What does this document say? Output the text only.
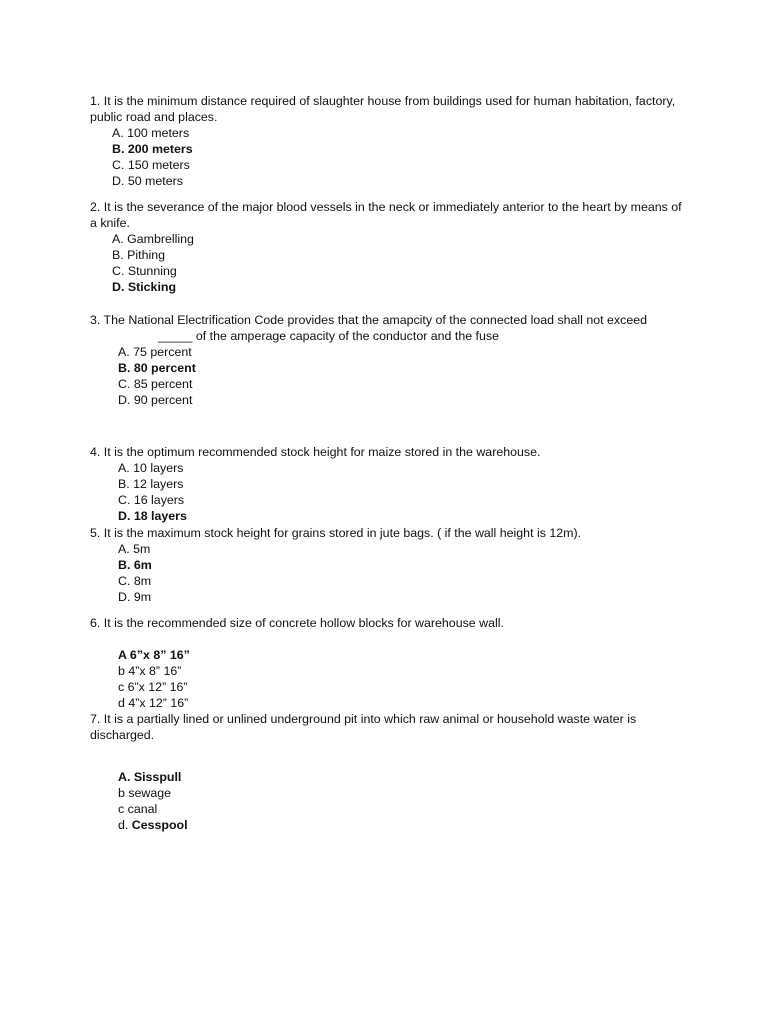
1. It is the minimum distance required of slaughter house from buildings used for human habitation, factory, public road and places.

A. 100 meters
B. 200 meters
C. 150 meters
D. 50 meters

2. It is the severance of the major blood vessels in the neck or immediately anterior to the heart by means of a knife.

A. Gambrelling
B. Pithing
C. Stunning
D. Sticking

3. The National Electrification Code provides that the amapcity of the connected load shall not exceed

_____ of the amperage capacity of the conductor and the fuse

A. 75 percent
B. 80 percent
C. 85 percent
D. 90 percent

4. It is the optimum recommended stock height for maize stored in the warehouse.

A. 10 layers
B. 12 layers
C. 16 layers
D. 18 layers

5. It is the maximum stock height for grains stored in jute bags. ( if the wall height is 12m).

A. 5m
B. 6m
C. 8m
D. 9m

6. It is the recommended size of concrete hollow blocks for warehouse wall.

A 6”x 8” 16”
b 4”x 8” 16”
c 6”x 12” 16”
d 4”x 12” 16”

7. It is a partially lined or unlined underground pit into which raw animal or household waste water is discharged.

A. Sisspull
b sewage
c canal
d. Cesspool
